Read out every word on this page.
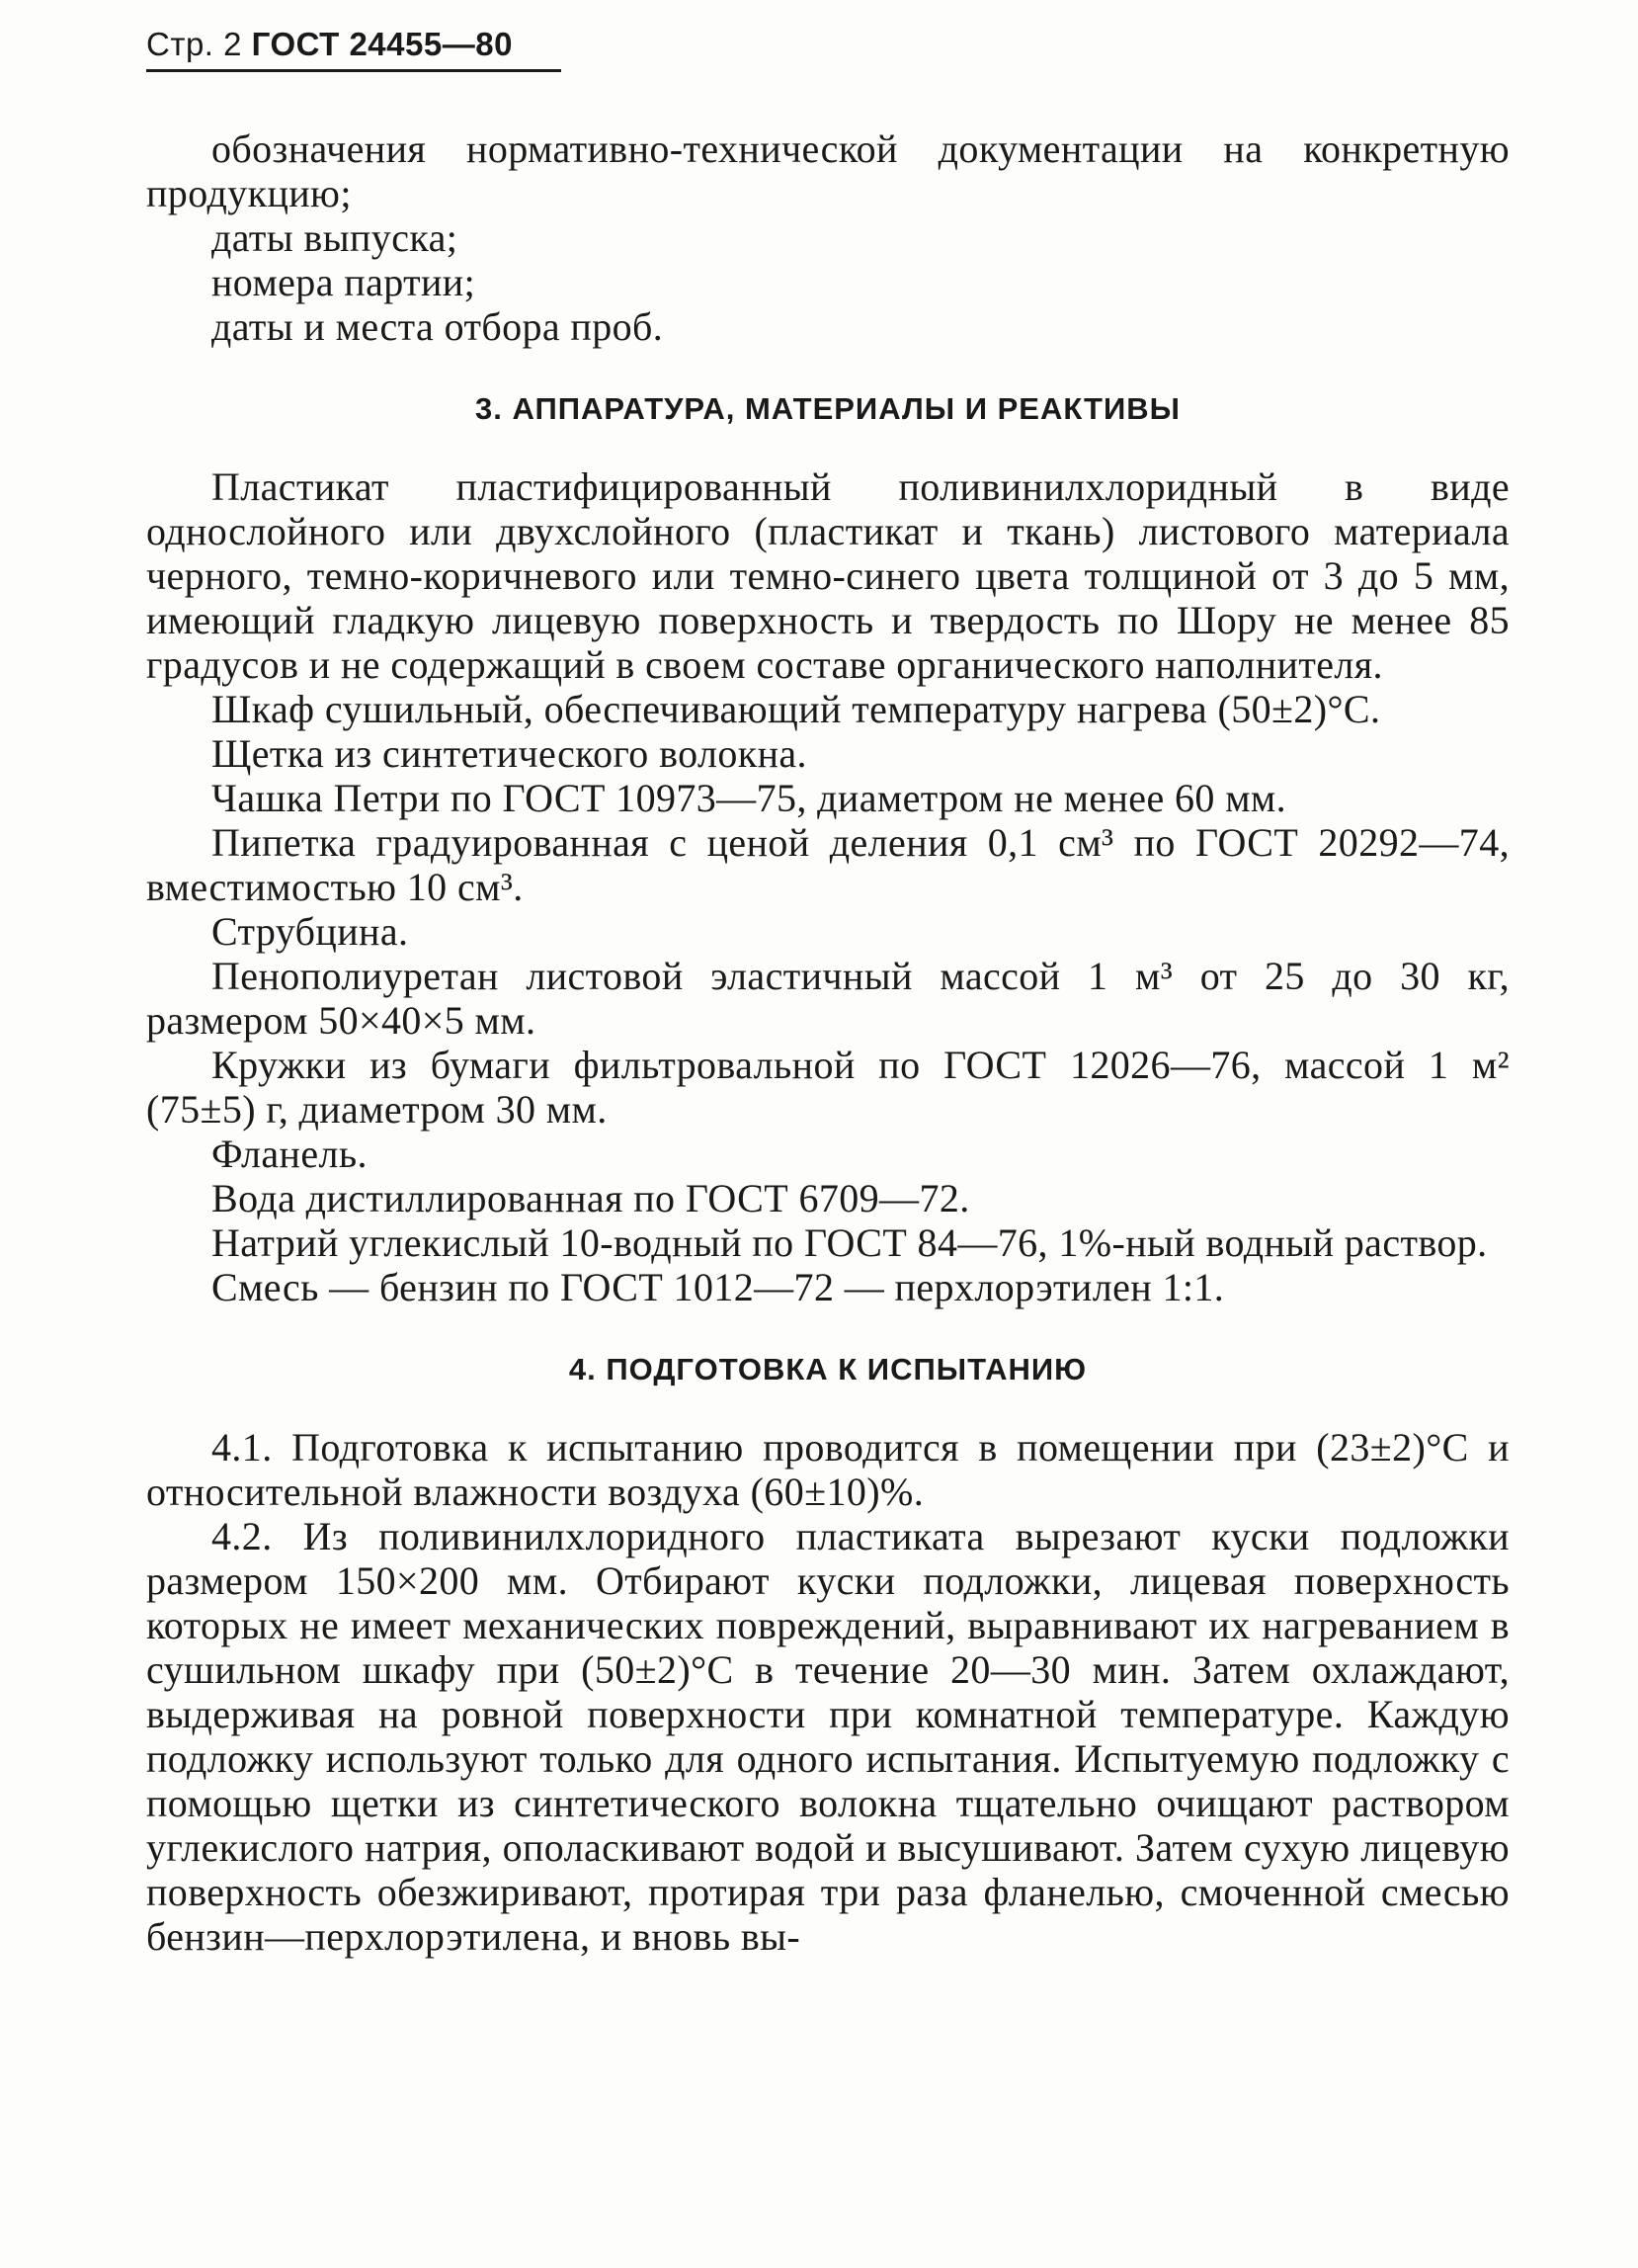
Стр. 2 ГОСТ 24455—80

обозначения нормативно-технической документации на конкретную продукцию;

даты выпуска;

номера партии;

даты и места отбора проб.

3. АППАРАТУРА, МАТЕРИАЛЫ И РЕАКТИВЫ

Пластикат пластифицированный поливинилхлоридный в виде однослойного или двухслойного (пластикат и ткань) листового материала черного, темно-коричневого или темно-синего цвета толщиной от 3 до 5 мм, имеющий гладкую лицевую поверхность и твердость по Шору не менее 85 градусов и не содержащий в своем составе органического наполнителя.

Шкаф сушильный, обеспечивающий температуру нагрева (50±2)°С.

Щетка из синтетического волокна.

Чашка Петри по ГОСТ 10973—75, диаметром не менее 60 мм.

Пипетка градуированная с ценой деления 0,1 см³ по ГОСТ 20292—74, вместимостью 10 см³.

Струбцина.

Пенополиуретан листовой эластичный массой 1 м³ от 25 до 30 кг, размером 50×40×5 мм.

Кружки из бумаги фильтровальной по ГОСТ 12026—76, массой 1 м² (75±5) г, диаметром 30 мм.

Фланель.

Вода дистиллированная по ГОСТ 6709—72.

Натрий углекислый 10-водный по ГОСТ 84—76, 1%-ный водный раствор.

Смесь — бензин по ГОСТ 1012—72 — перхлорэтилен 1:1.

4. ПОДГОТОВКА К ИСПЫТАНИЮ

4.1. Подготовка к испытанию проводится в помещении при (23±2)°С и относительной влажности воздуха (60±10)%.

4.2. Из поливинилхлоридного пластиката вырезают куски подложки размером 150×200 мм. Отбирают куски подложки, лицевая поверхность которых не имеет механических повреждений, выравнивают их нагреванием в сушильном шкафу при (50±2)°С в течение 20—30 мин. Затем охлаждают, выдерживая на ровной поверхности при комнатной температуре. Каждую подложку используют только для одного испытания. Испытуемую подложку с помощью щетки из синтетического волокна тщательно очищают раствором углекислого натрия, ополаскивают водой и высушивают. Затем сухую лицевую поверхность обезжиривают, протирая три раза фланелью, смоченной смесью бензин—перхлорэтилена, и вновь вы-
